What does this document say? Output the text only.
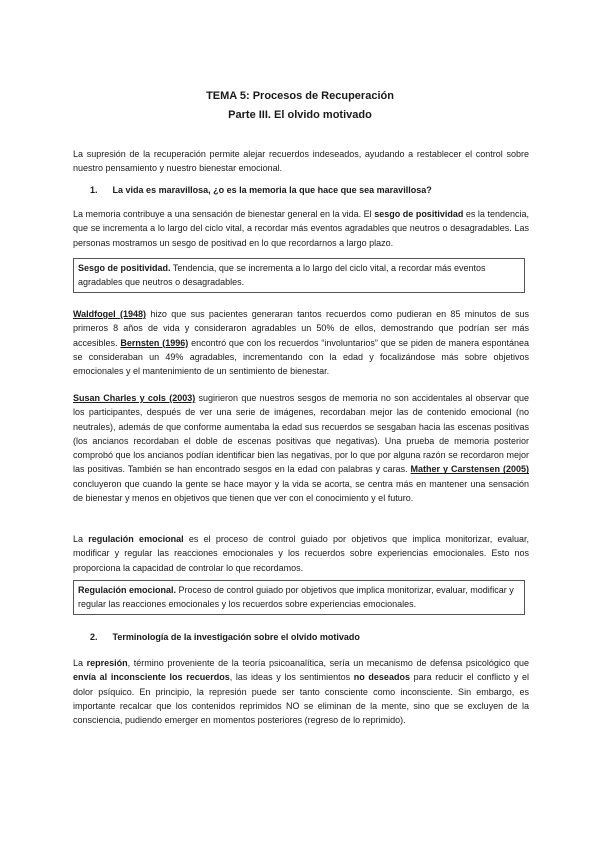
TEMA 5: Procesos de Recuperación
Parte III. El olvido motivado

La supresión de la recuperación permite alejar recuerdos indeseados, ayudando a restablecer el control sobre nuestro pensamiento y nuestro bienestar emocional.

1. La vida es maravillosa, ¿o es la memoria la que hace que sea maravillosa?

La memoria contribuye a una sensación de bienestar general en la vida. El sesgo de positividad es la tendencia, que se incrementa a lo largo del ciclo vital, a recordar más eventos agradables que neutros o desagradables. Las personas mostramos un sesgo de positivad en lo que recordarnos a largo plazo.

Sesgo de positividad. Tendencia, que se incrementa a lo largo del ciclo vital, a recordar más eventos agradables que neutros o desagradables.

Waldfogel (1948) hizo que sus pacientes generaran tantos recuerdos como pudieran en 85 minutos de sus primeros 8 años de vida y consideraron agradables un 50% de ellos, demostrando que podrían ser más accesibles. Bernsten (1996) encontró que con los recuerdos “involuntarios” que se piden de manera espontánea se consideraban un 49% agradables, incrementando con la edad y focalizándose más sobre objetivos emocionales y el mantenimiento de un sentimiento de bienestar.

Susan Charles y cols (2003) sugirieron que nuestros sesgos de memoria no son accidentales al observar que los participantes, después de ver una serie de imágenes, recordaban mejor las de contenido emocional (no neutrales), además de que conforme aumentaba la edad sus recuerdos se sesgaban hacia las escenas positivas (los ancianos recordaban el doble de escenas positivas que negativas). Una prueba de memoria posterior comprobó que los ancianos podían identificar bien las negativas, por lo que por alguna razón se recordaron mejor las positivas. También se han encontrado sesgos en la edad con palabras y caras. Mather y Carstensen (2005) concluyeron que cuando la gente se hace mayor y la vida se acorta, se centra más en mantener una sensación de bienestar y menos en objetivos que tienen que ver con el conocimiento y el futuro.

La regulación emocional es el proceso de control guiado por objetivos que implica monitorizar, evaluar, modificar y regular las reacciones emocionales y los recuerdos sobre experiencias emocionales. Esto nos proporciona la capacidad de controlar lo que recordamos.

Regulación emocional. Proceso de control guiado por objetivos que implica monitorizar, evaluar, modificar y regular las reacciones emocionales y los recuerdos sobre experiencias emocionales.
2. Terminología de la investigación sobre el olvido motivado

La represión, término proveniente de la teoría psicoanalítica, sería un mecanismo de defensa psicológico que envía al inconsciente los recuerdos, las ideas y los sentimientos no deseados para reducir el conflicto y el dolor psíquico. En principio, la represión puede ser tanto consciente como inconsciente. Sin embargo, es importante recalcar que los contenidos reprimidos NO se eliminan de la mente, sino que se excluyen de la consciencia, pudiendo emerger en momentos posteriores (regreso de lo reprimido).
